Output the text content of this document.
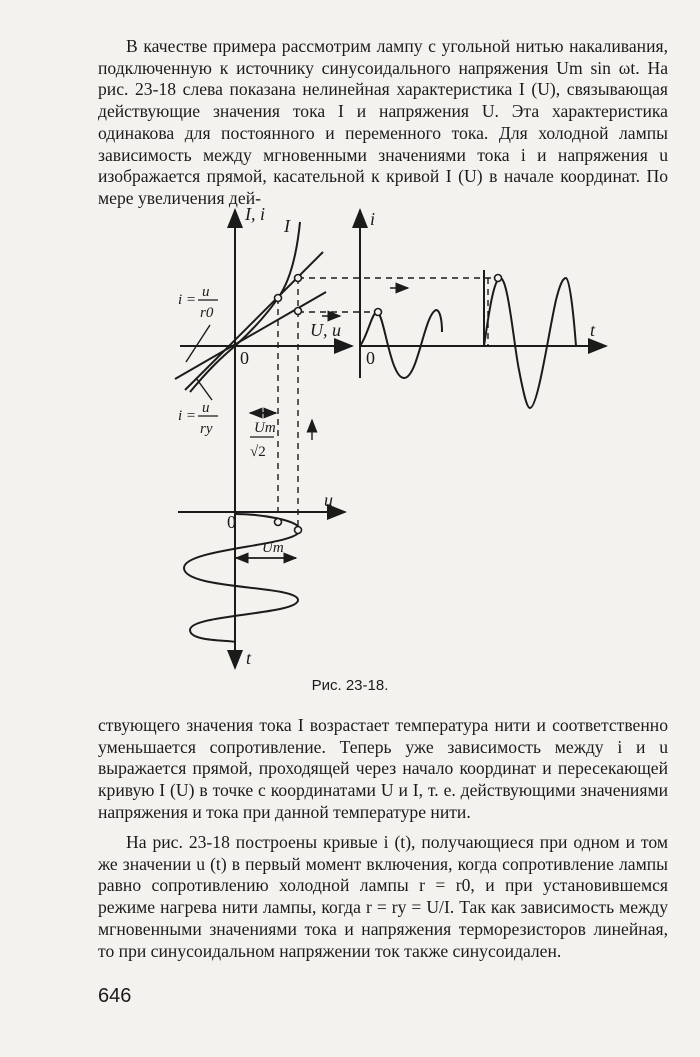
В качестве примера рассмотрим лампу с угольной нитью накаливания, подключенную к источнику синусоидального напряжения Um sin ωt. На рис. 23-18 слева показана нелинейная характеристика I (U), связывающая действующие значения тока I и напряжения U. Эта характеристика одинакова для постоянного и переменного тока. Для холодной лампы зависимость между мгновенными значениями тока i и напряжения u изображается прямой, касательной к кривой I (U) в начале координат. По мере увеличения дей-

I, i
I
U, u
0
i = u
r0
i = u
rу	Um
√2
i
t
0
u
0
Um
t
Рис. 23-18.

ствующего значения тока I возрастает температура нити и соответственно уменьшается сопротивление. Теперь уже зависимость между i и u выражается прямой, проходящей через начало координат и пересекающей кривую I (U) в точке с координатами U и I, т. е. действующими значениями напряжения и тока при данной температуре нити.

На рис. 23-18 построены кривые i (t), получающиеся при одном и том же значении u (t) в первый момент включения, когда сопротивление лампы равно сопротивлению холодной лампы r = r0, и при установившемся режиме нагрева нити лампы, когда r = rу = U/I. Так как зависимость между мгновенными значениями тока и напряжения терморезисторов линейная, то при синусоидальном напряжении ток также синусоидален.

646
